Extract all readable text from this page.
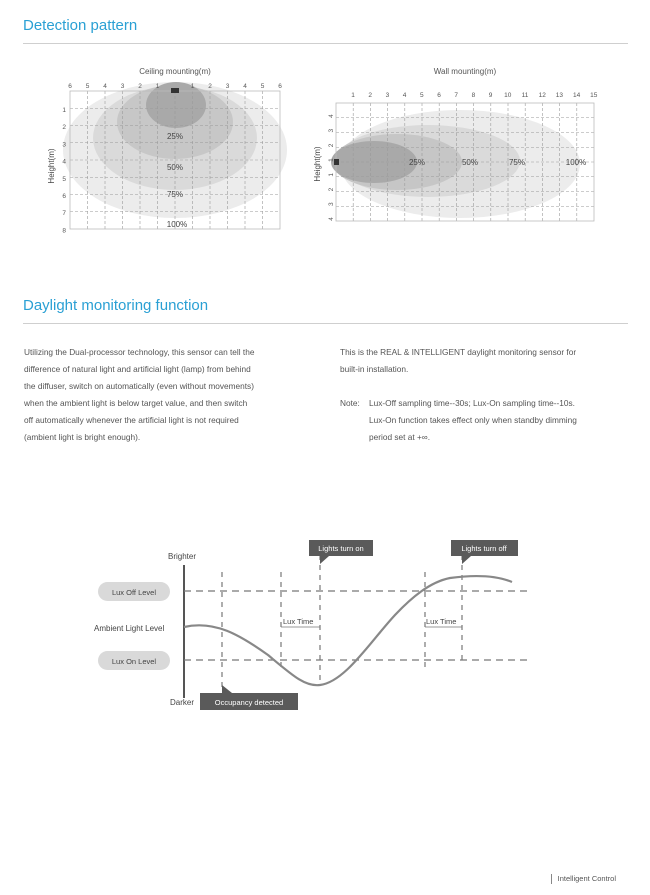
Detection pattern
Ceiling mounting(m)	Wall mounting(m)
6 5 4 3 2 1	1 2 3 4 5 6
1
2
3
4
5
6
7
8
Height(m)
25%
50%
75%
100%
1 2 3 4 5 6 7 8 9 10 11 12 13 14 15
4
3
2
1
1
2
3
4
Height(m)	25%	50%	75%	100%
Daylight monitoring function
Utilizing the Dual-processor technology, this sensor can tell the
difference of natural light and artificial light (lamp) from behind
the diffuser, switch on automatically (even without movements)
when the ambient light is below target value, and then switch
off automatically whenever the artificial light is not required
(ambient light is bright enough).
This is the REAL & INTELLIGENT daylight monitoring sensor for
built-in installation.
Note: Lux-Off sampling time--30s; Lux-On sampling time--10s.
Lux-On function takes effect only when standby dimming
period set at +∞.
Brighter
Darker
Lux Off Level
Ambient Light Level
Lux On Level
Lights turn on	Lights turn off
Occupancy detected
Lux Time	Lux Time
Intelligent Control
